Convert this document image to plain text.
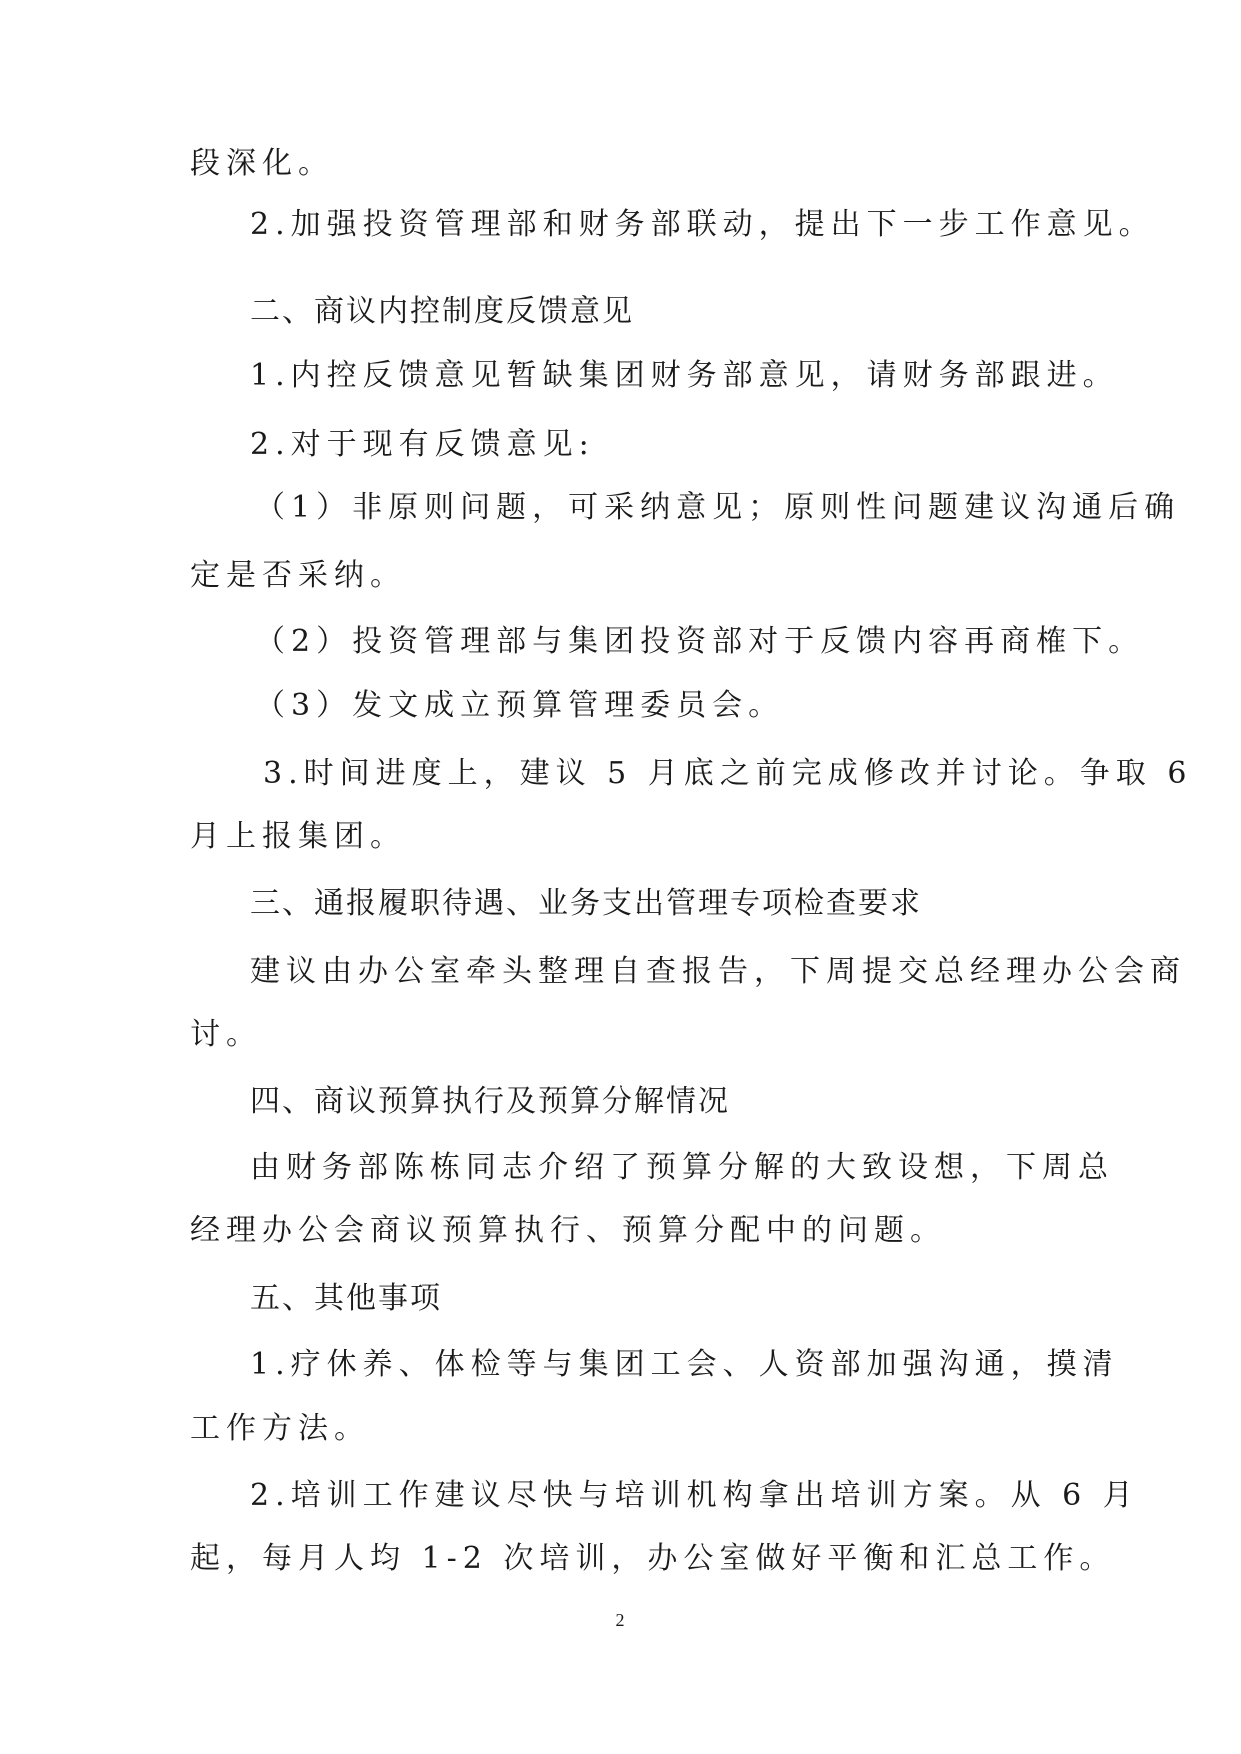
段深化。
2.加强投资管理部和财务部联动，提出下一步工作意见。
二、商议内控制度反馈意见
1.内控反馈意见暂缺集团财务部意见，请财务部跟进。
2.对于现有反馈意见:
（1）非原则问题，可采纳意见；原则性问题建议沟通后确
定是否采纳。
（2）投资管理部与集团投资部对于反馈内容再商榷下。
（3）发文成立预算管理委员会。
3.时间进度上，建议 5 月底之前完成修改并讨论。争取 6
月上报集团。
三、通报履职待遇、业务支出管理专项检查要求
建议由办公室牵头整理自查报告，下周提交总经理办公会商
讨。
四、商议预算执行及预算分解情况
由财务部陈栋同志介绍了预算分解的大致设想，下周总
经理办公会商议预算执行、预算分配中的问题。
五、其他事项
1.疗休养、体检等与集团工会、人资部加强沟通，摸清
工作方法。
2.培训工作建议尽快与培训机构拿出培训方案。从 6 月
起，每月人均 1-2 次培训，办公室做好平衡和汇总工作。
2
